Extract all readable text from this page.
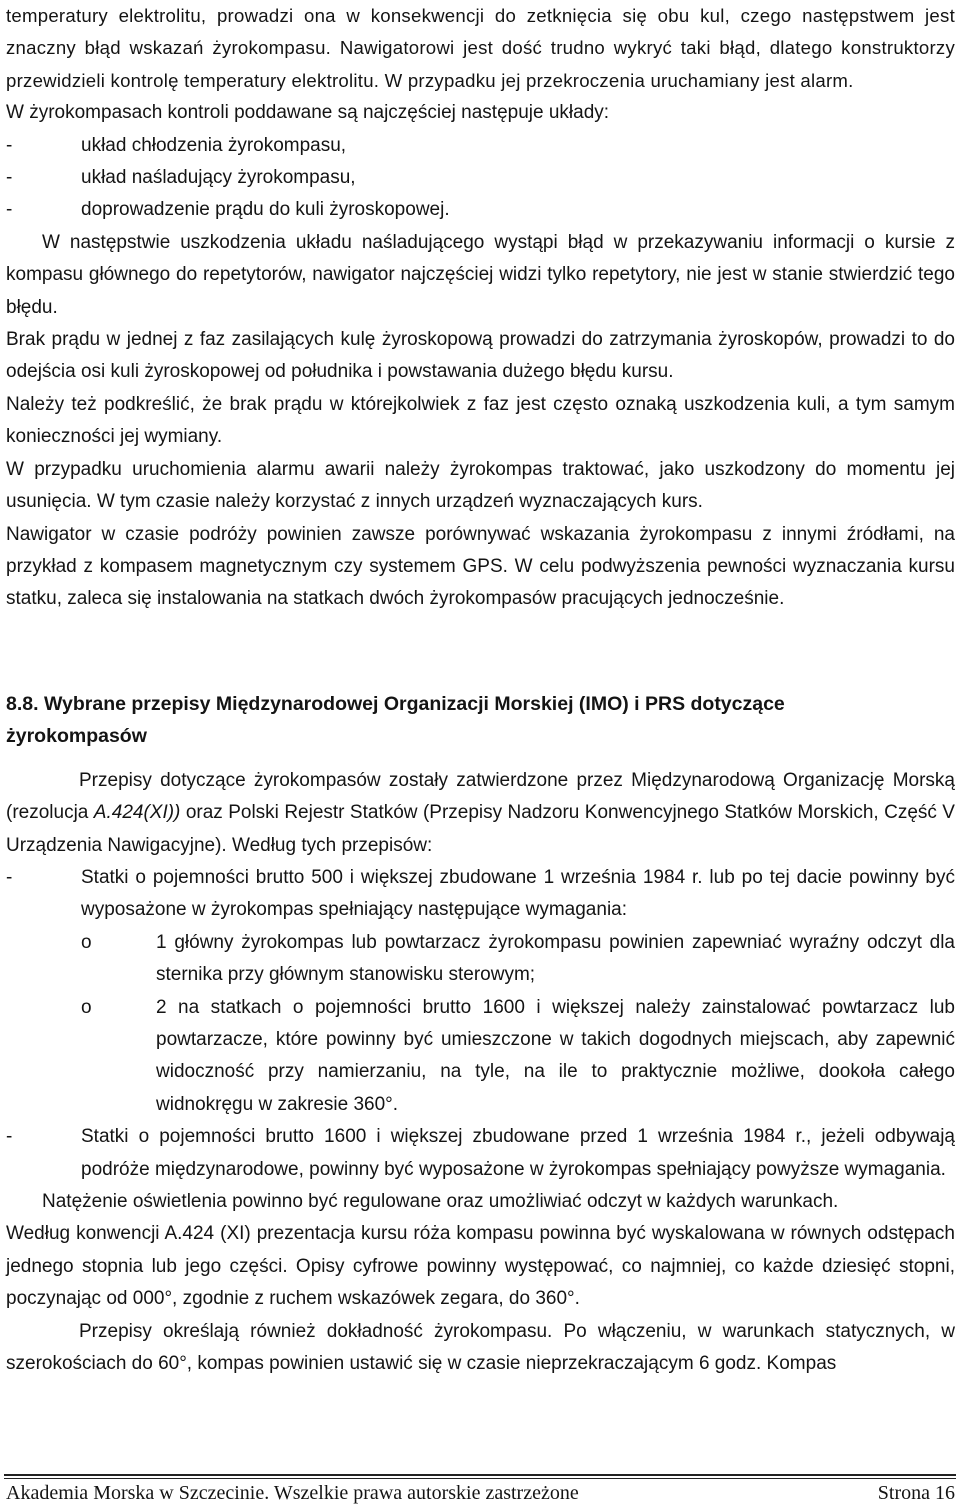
temperatury elektrolitu, prowadzi ona w konsekwencji do zetknięcia się obu kul, czego następstwem jest znaczny błąd wskazań żyrokompasu. Nawigatorowi jest dość trudno wykryć taki błąd, dlatego konstruktorzy przewidzieli kontrolę temperatury elektrolitu. W przypadku jej przekroczenia uruchamiany jest alarm.

W żyrokompasach kontroli poddawane są najczęściej następuje układy:

-	układ chłodzenia żyrokompasu,
-	układ naśladujący żyrokompasu,
-	doprowadzenie prądu do kuli żyroskopowej.

W następstwie uszkodzenia układu naśladującego wystąpi błąd w przekazywaniu informacji o kursie z kompasu głównego do repetytorów, nawigator najczęściej widzi tylko repetytory, nie jest w stanie stwierdzić tego błędu.

Brak prądu w jednej z faz zasilających kulę żyroskopową prowadzi do zatrzymania żyroskopów, prowadzi to do odejścia osi kuli żyroskopowej od południka i powstawania dużego błędu kursu.

Należy też podkreślić, że brak prądu w którejkolwiek z faz jest często oznaką uszkodzenia kuli, a tym samym konieczności jej wymiany.

W przypadku uruchomienia alarmu awarii należy żyrokompas traktować, jako uszkodzony do momentu jej usunięcia. W tym czasie należy korzystać z innych urządzeń wyznaczających kurs.

Nawigator w czasie podróży powinien zawsze porównywać wskazania żyrokompasu z innymi źródłami, na przykład z kompasem magnetycznym czy systemem GPS. W celu podwyższenia pewności wyznaczania kursu statku, zaleca się instalowania na statkach dwóch żyrokompasów pracujących jednocześnie.

8.8. Wybrane przepisy Międzynarodowej Organizacji Morskiej (IMO) i PRS dotyczące
żyrokompasów

Przepisy dotyczące żyrokompasów zostały zatwierdzone przez Międzynarodową Organizację Morską (rezolucja A.424(XI)) oraz Polski Rejestr Statków (Przepisy Nadzoru Konwencyjnego Statków Morskich, Część V Urządzenia Nawigacyjne). Według tych przepisów:

-	Statki o pojemności brutto 500 i większej zbudowane 1 września 1984 r. lub po tej dacie powinny być wyposażone w żyrokompas spełniający następujące wymagania:
o	1 główny żyrokompas lub powtarzacz żyrokompasu powinien zapewniać wyraźny odczyt dla sternika przy głównym stanowisku sterowym;
o	2 na statkach o pojemności brutto 1600 i większej należy zainstalować powtarzacz lub powtarzacze, które powinny być umieszczone w takich dogodnych miejscach, aby zapewnić widoczność przy namierzaniu, na tyle, na ile to praktycznie możliwe, dookoła całego widnokręgu w zakresie 360°.
-	Statki o pojemności brutto 1600 i większej zbudowane przed 1 września 1984 r., jeżeli odbywają podróże międzynarodowe, powinny być wyposażone w żyrokompas spełniający powyższe wymagania.

Natężenie oświetlenia powinno być regulowane oraz umożliwiać odczyt w każdych warunkach.

Według konwencji A.424 (XI) prezentacja kursu róża kompasu powinna być wyskalowana w równych odstępach jednego stopnia lub jego części. Opisy cyfrowe powinny występować, co najmniej, co każde dziesięć stopni, poczynając od 000°, zgodnie z ruchem wskazówek zegara, do 360°.

Przepisy określają również dokładność żyrokompasu. Po włączeniu, w warunkach statycznych, w szerokościach do 60°, kompas powinien ustawić się w czasie nieprzekraczającym 6 godz. Kompas

Akademia Morska w Szczecinie. Wszelkie prawa autorskie zastrzeżone	Strona 16
